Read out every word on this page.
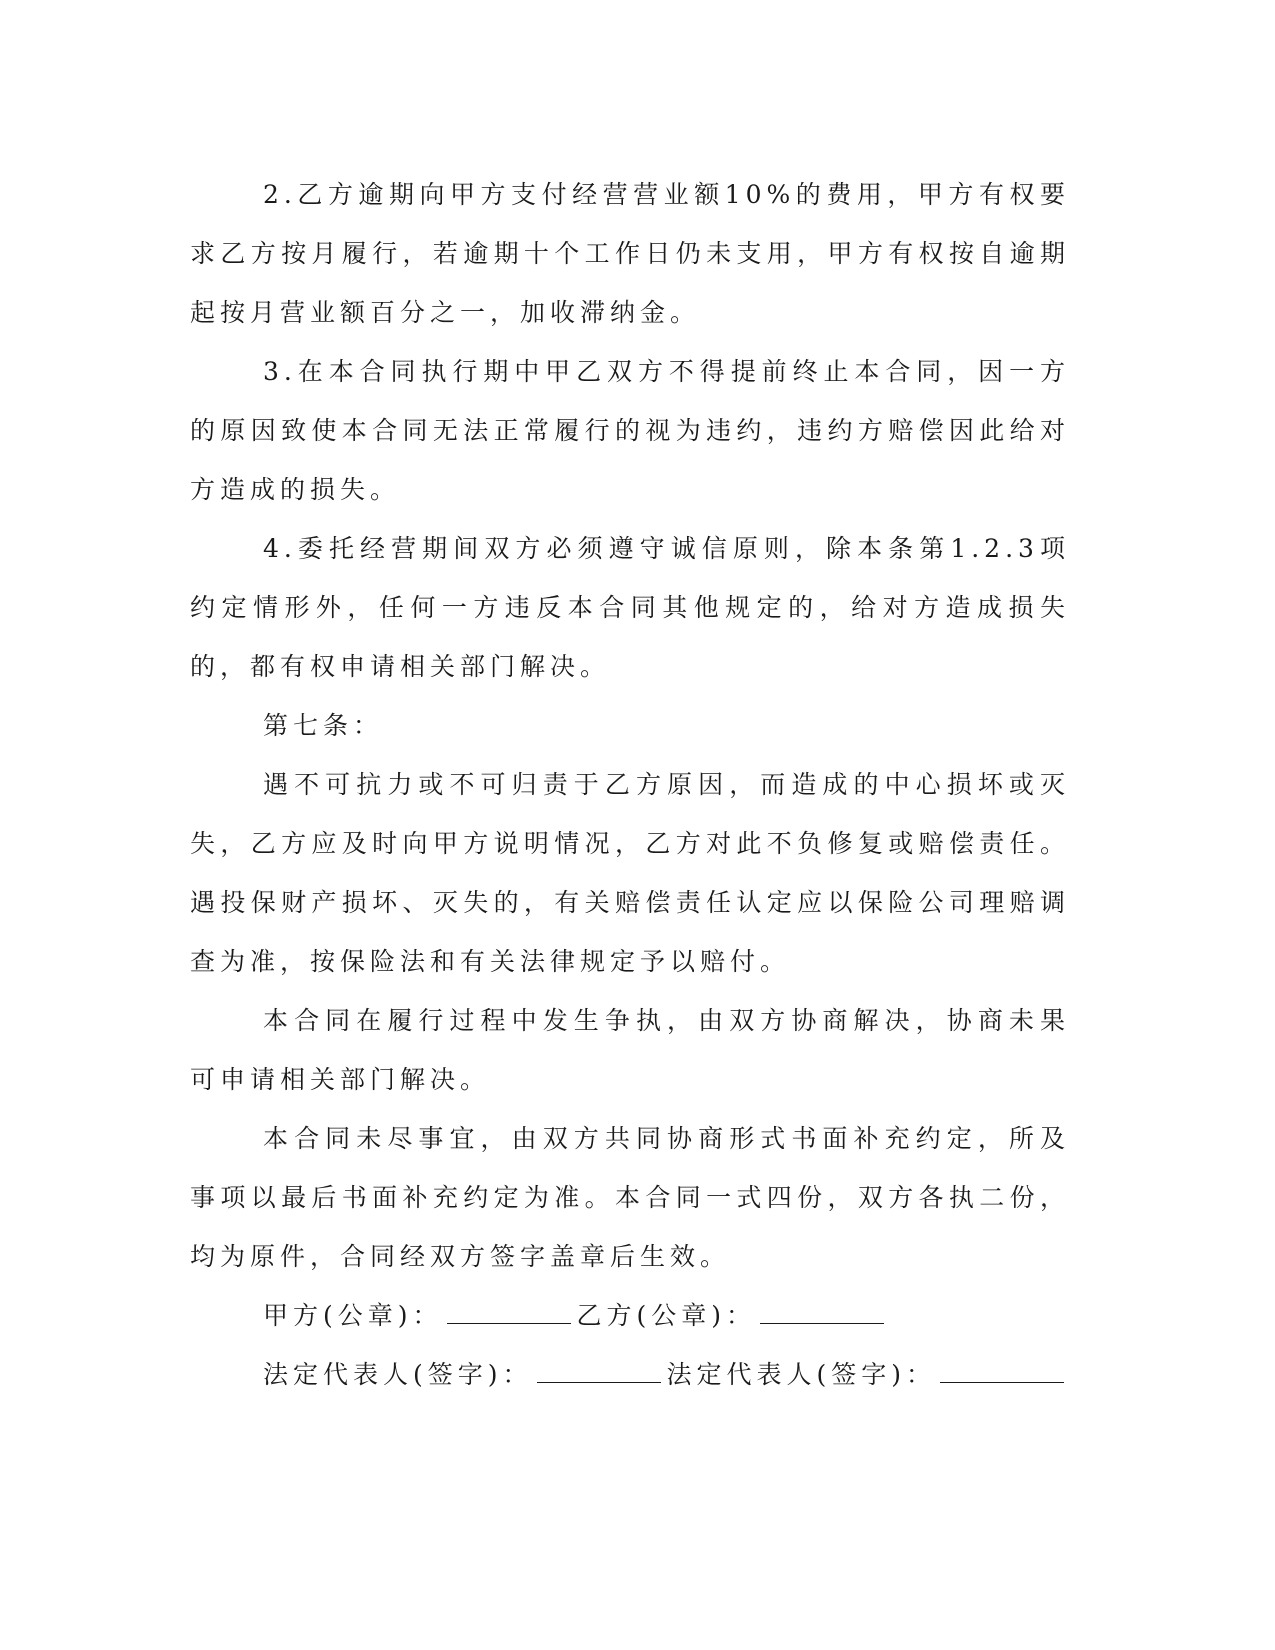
2.乙方逾期向甲方支付经营营业额10%的费用，甲方有权要求乙方按月履行，若逾期十个工作日仍未支用，甲方有权按自逾期起按月营业额百分之一，加收滞纳金。

3.在本合同执行期中甲乙双方不得提前终止本合同，因一方的原因致使本合同无法正常履行的视为违约，违约方赔偿因此给对方造成的损失。

4.委托经营期间双方必须遵守诚信原则，除本条第1.2.3项约定情形外，任何一方违反本合同其他规定的，给对方造成损失的，都有权申请相关部门解决。

第七条：

遇不可抗力或不可归责于乙方原因，而造成的中心损坏或灭失，乙方应及时向甲方说明情况，乙方对此不负修复或赔偿责任。遇投保财产损坏、灭失的，有关赔偿责任认定应以保险公司理赔调查为准，按保险法和有关法律规定予以赔付。

本合同在履行过程中发生争执，由双方协商解决，协商未果可申请相关部门解决。

本合同未尽事宜，由双方共同协商形式书面补充约定，所及事项以最后书面补充约定为准。本合同一式四份，双方各执二份，均为原件，合同经双方签字盖章后生效。

甲方(公章)：	乙方(公章)：
法定代表人(签字)：	法定代表人(签字)：
